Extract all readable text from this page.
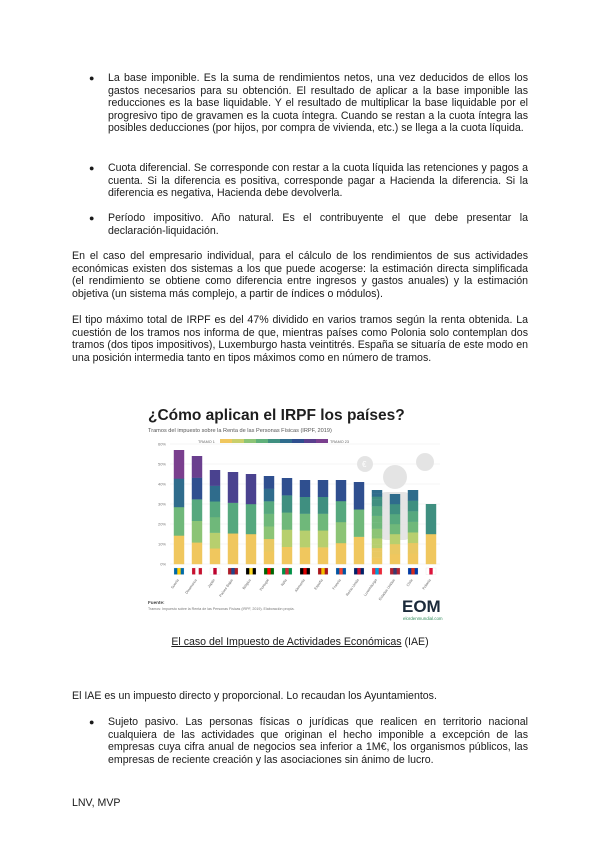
●	La base imponible. Es la suma de rendimientos netos, una vez deducidos de ellos los gastos necesarios para su obtención. El resultado de aplicar a la base imponible las reducciones es la base liquidable. Y el resultado de multiplicar la base liquidable por el progresivo tipo de gravamen es la cuota íntegra. Cuando se restan a la cuota íntegra las posibles deducciones (por hijos, por compra de vivienda, etc.) se llega a la cuota líquida.

●	Cuota diferencial. Se corresponde con restar a la cuota líquida las retenciones y pagos a cuenta. Si la diferencia es positiva, corresponde pagar a Hacienda la diferencia. Si la diferencia es negativa, Hacienda debe devolverla.

●	Período impositivo. Año natural. Es el contribuyente el que debe presentar la declaración-liquidación.

En el caso del empresario individual, para el cálculo de los rendimientos de sus actividades económicas existen dos sistemas a los que puede acogerse: la estimación directa simplificada (el rendimiento se obtiene como diferencia entre ingresos y gastos anuales) y la estimación objetiva (un sistema más complejo, a partir de índices o módulos).

El tipo máximo total de IRPF es del 47% dividido en varios tramos según la renta obtenida. La cuestión de los tramos nos informa de que, mientras países como Polonia solo contemplan dos tramos (dos tipos impositivos), Luxemburgo hasta veintitrés. España se situaría de este modo en una posición intermedia tanto en tipos máximos como en número de tramos.

¿Cómo aplican el IRPF los países?
Tramos del impuesto sobre la Renta de las Personas Físicas (IRPF, 2019)
TRAMO 1	TRAMO 23
€
0%
10%
20%
30%
40%
50%
60%
Suecia Dinamarca	Japón Países Bajos Bélgica Portugal	Italia Alemania España Francia Reino Unido Luxemburgo Estados Unidos	Chile Polonia
Fuente:
Tramos: Impuesto sobre la Renta de las Personas Físicas (IRPF, 2019). Elaboración propia.	EOM
elordenmundial.com
El caso del Impuesto de Actividades Económicas (IAE)

El IAE es un impuesto directo y proporcional. Lo recaudan los Ayuntamientos.

●	Sujeto pasivo. Las personas físicas o jurídicas que realicen en territorio nacional cualquiera de las actividades que originan el hecho imponible a excepción de las empresas cuya cifra anual de negocios sea inferior a 1M€, los organismos públicos, las empresas de reciente creación y las asociaciones sin ánimo de lucro.

LNV, MVP
